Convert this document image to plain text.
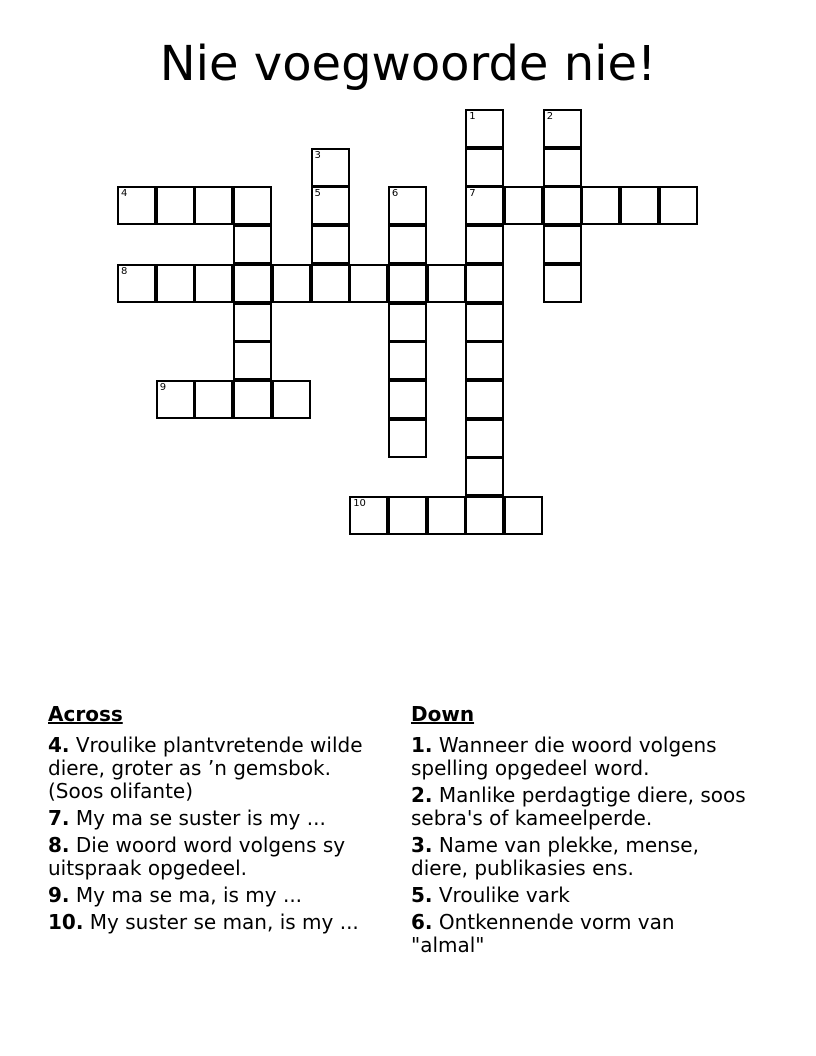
Nie voegwoorde nie!
1	2
3
4	5	6	7
8
9
10
Across
4. Vroulike plantvretende wilde diere, groter as ’n gemsbok. (Soos olifante)
7. My ma se suster is my ...
8. Die woord word volgens sy uitspraak opgedeel.
9. My ma se ma, is my ...
10. My suster se man, is my ...
Down
1. Wanneer die woord volgens spelling opgedeel word.
2. Manlike perdagtige diere, soos sebra's of kameelperde.
3. Name van plekke, mense, diere, publikasies ens.
5. Vroulike vark
6. Ontkennende vorm van "almal"
